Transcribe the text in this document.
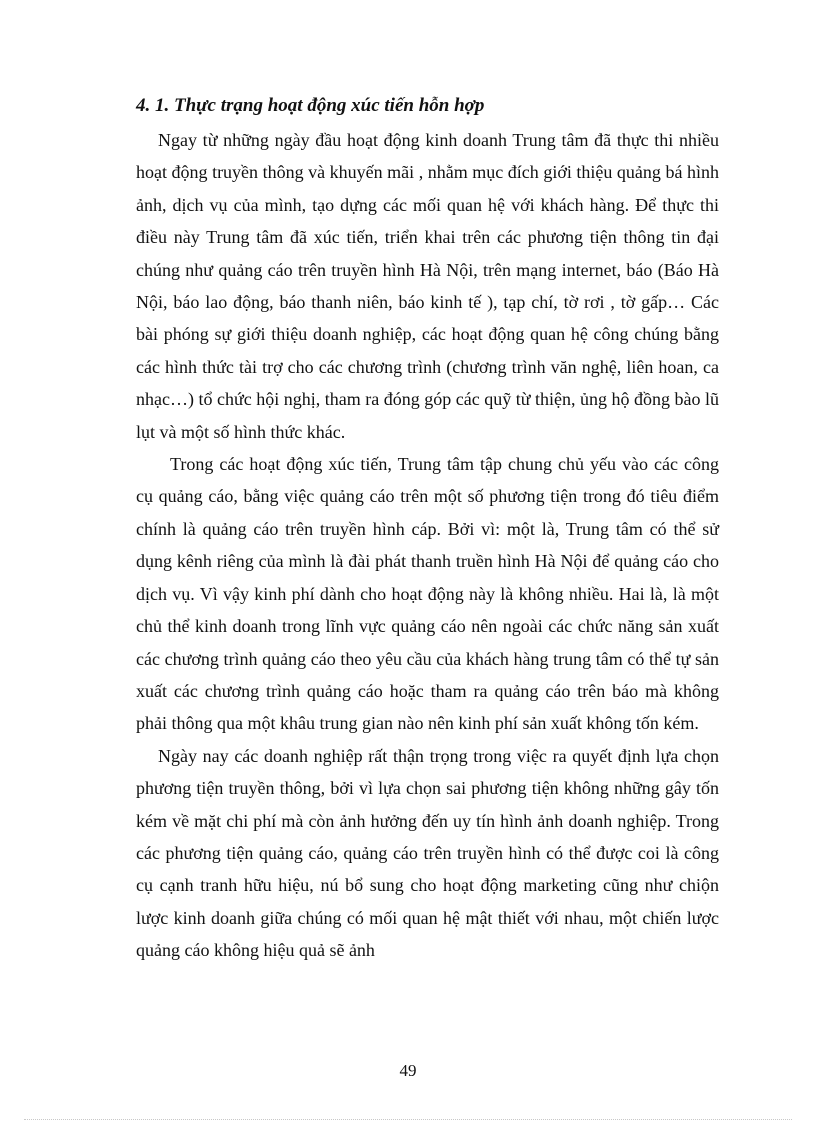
4. 1. Thực trạng hoạt động xúc tiến hỗn hợp

Ngay từ những ngày đầu hoạt động kinh doanh Trung tâm đã thực thi nhiều hoạt động truyền thông và khuyến mãi , nhằm mục đích giới thiệu quảng bá hình ảnh, dịch vụ của mình, tạo dựng các mối quan hệ với khách hàng. Để thực thi điều này Trung tâm đã xúc tiến, triển khai trên các phương tiện thông tin đại chúng như quảng cáo trên truyền hình Hà Nội, trên mạng internet, báo (Báo Hà Nội, báo lao động, báo thanh niên, báo kinh tế ), tạp chí, tờ rơi , tờ gấp… Các bài phóng sự giới thiệu doanh nghiệp, các hoạt động quan hệ công chúng bằng các hình thức tài trợ cho các chương trình (chương trình văn nghệ, liên hoan, ca nhạc…) tổ chức hội nghị, tham ra đóng góp các quỹ từ thiện, ủng hộ đồng bào lũ lụt và một số hình thức khác.

Trong các hoạt động xúc tiến, Trung tâm tập chung chủ yếu vào các công cụ quảng cáo, bằng việc quảng cáo trên một số phương tiện trong đó tiêu điểm chính là quảng cáo trên truyền hình cáp. Bởi vì: một là, Trung tâm có thể sử dụng kênh riêng của mình là đài phát thanh truền hình Hà Nội để quảng cáo cho dịch vụ. Vì vậy kinh phí dành cho hoạt động này là không nhiều. Hai là, là một chủ thể kinh doanh trong lĩnh vực quảng cáo nên ngoài các chức năng sản xuất các chương trình quảng cáo theo yêu cầu của khách hàng trung tâm có thể tự sản xuất các chương trình quảng cáo hoặc tham ra quảng cáo trên báo mà không phải thông qua một khâu trung gian nào nên kinh phí sản xuất không tốn kém.

Ngày nay các doanh nghiệp rất thận trọng trong việc ra quyết định lựa chọn phương tiện truyền thông, bởi vì lựa chọn sai phương tiện không những gây tốn kém về mặt chi phí mà còn ảnh hưởng đến uy tín hình ảnh doanh nghiệp. Trong các phương tiện quảng cáo, quảng cáo trên truyền hình có thể được coi là công cụ cạnh tranh hữu hiệu, nú bổ sung cho hoạt động marketing cũng như chiộn lược kinh doanh giữa chúng có mối quan hệ mật thiết với nhau, một chiến lược quảng cáo không hiệu quả sẽ ảnh

49
